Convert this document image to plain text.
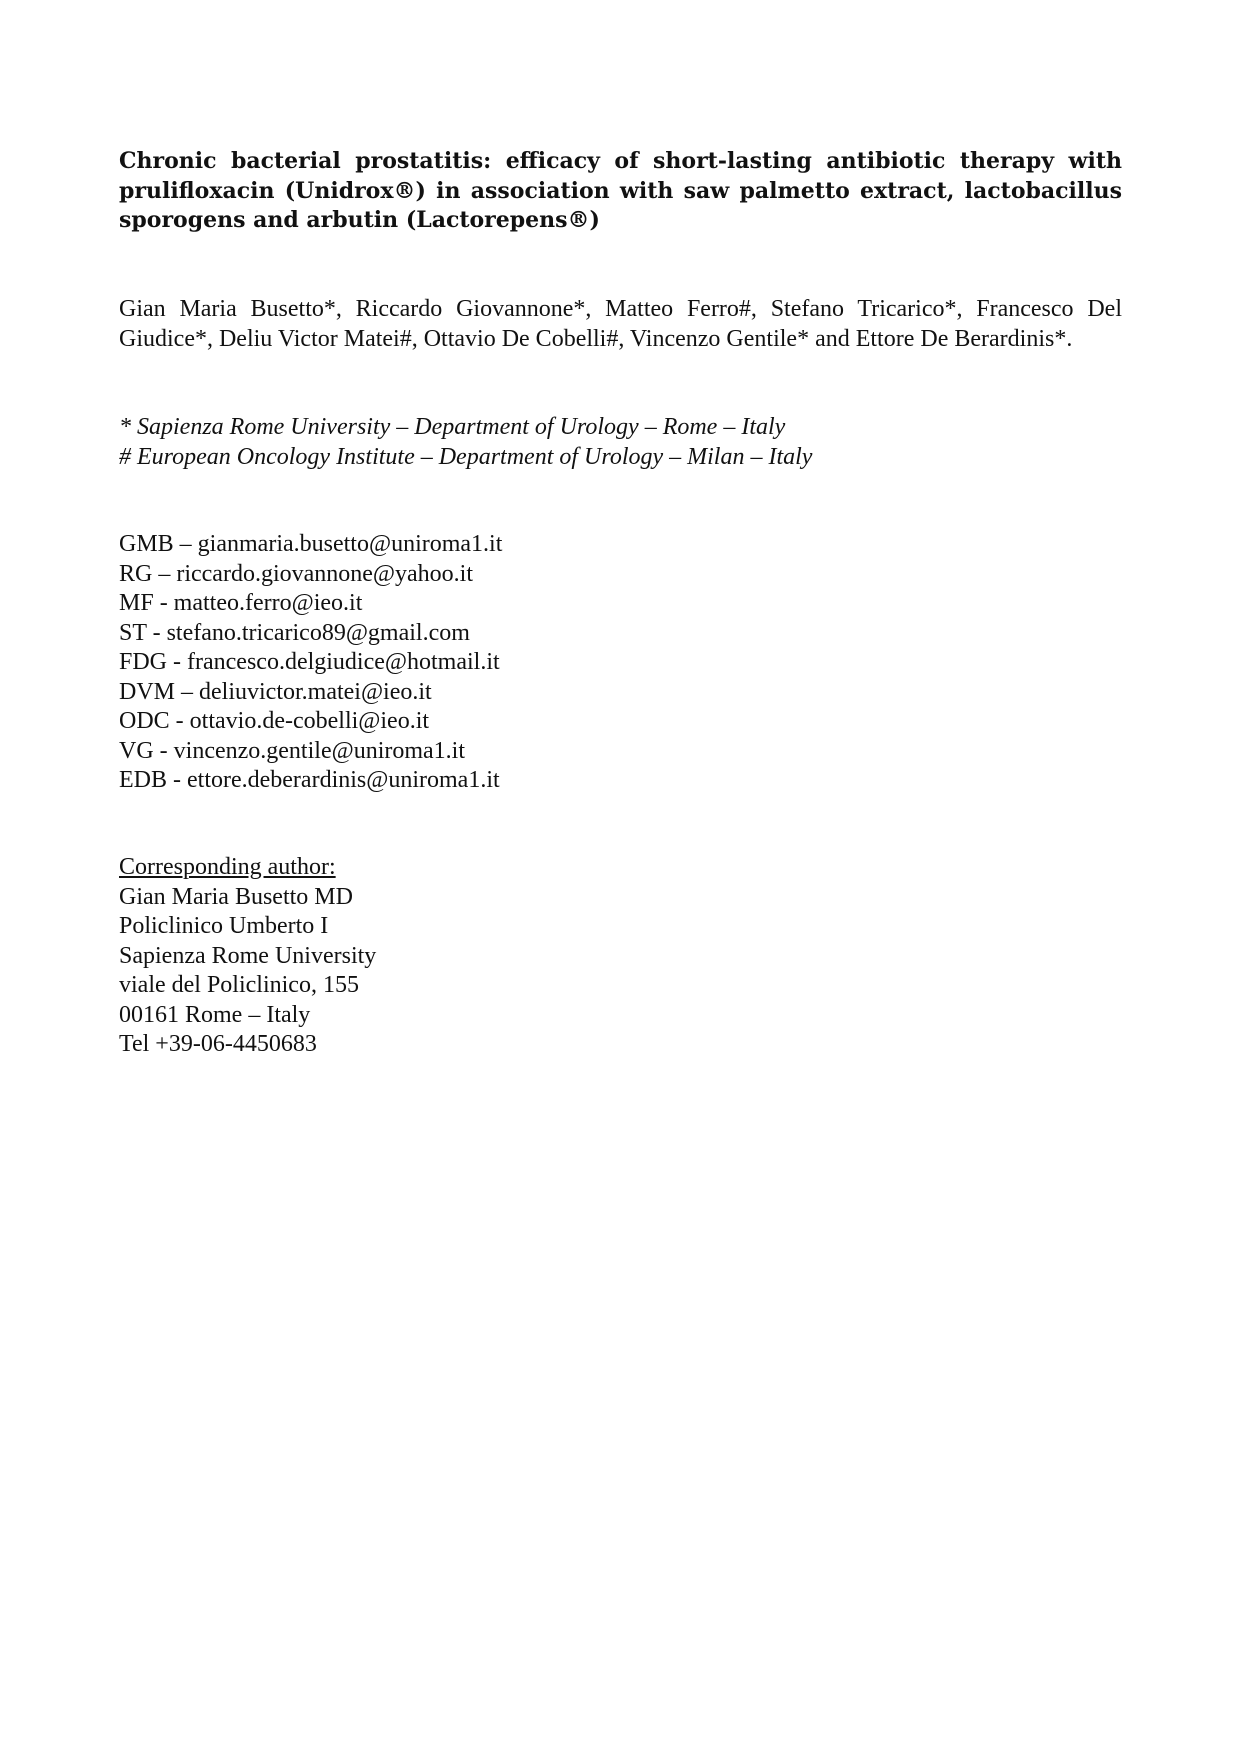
Chronic bacterial prostatitis: efficacy of short-lasting antibiotic therapy with prulifloxacin (Unidrox®) in association with saw palmetto extract, lactobacillus sporogens and arbutin (Lactorepens®)

Gian Maria Busetto*, Riccardo Giovannone*, Matteo Ferro#, Stefano Tricarico*, Francesco Del Giudice*, Deliu Victor Matei#, Ottavio De Cobelli#, Vincenzo Gentile* and Ettore De Berardinis*.

* Sapienza Rome University – Department of Urology – Rome – Italy
# European Oncology Institute – Department of Urology – Milan – Italy
GMB – gianmaria.busetto@uniroma1.it
RG – riccardo.giovannone@yahoo.it
MF - matteo.ferro@ieo.it
ST - stefano.tricarico89@gmail.com
FDG - francesco.delgiudice@hotmail.it
DVM – deliuvictor.matei@ieo.it
ODC - ottavio.de-cobelli@ieo.it
VG - vincenzo.gentile@uniroma1.it
EDB - ettore.deberardinis@uniroma1.it
Corresponding author:
Gian Maria Busetto MD
Policlinico Umberto I
Sapienza Rome University
viale del Policlinico, 155
00161 Rome – Italy
Tel +39-06-4450683
